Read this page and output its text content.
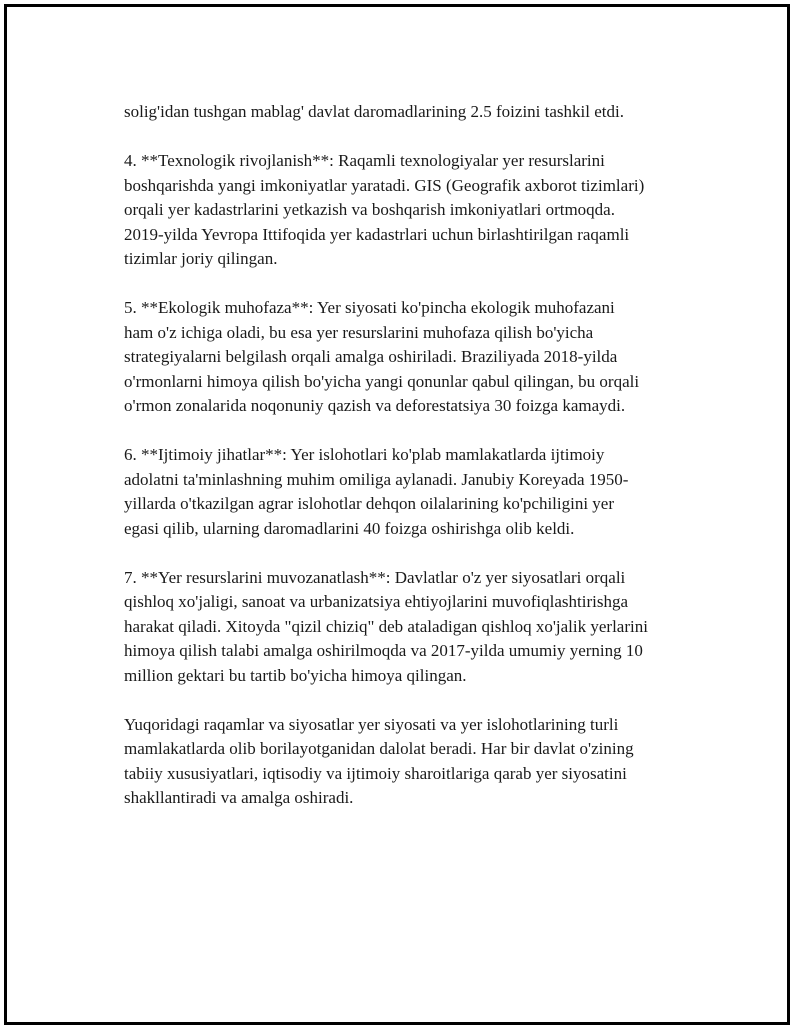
solig'idan tushgan mablag' davlat daromadlarining 2.5 foizini tashkil etdi.

4. **Texnologik rivojlanish**: Raqamli texnologiyalar yer resurslarini
boshqarishda yangi imkoniyatlar yaratadi. GIS (Geografik axborot tizimlari)
orqali yer kadastrlarini yetkazish va boshqarish imkoniyatlari ortmoqda.
2019-yilda Yevropa Ittifoqida yer kadastrlari uchun birlashtirilgan raqamli
tizimlar joriy qilingan.

5. **Ekologik muhofaza**: Yer siyosati ko'pincha ekologik muhofazani
ham o'z ichiga oladi, bu esa yer resurslarini muhofaza qilish bo'yicha
strategiyalarni belgilash orqali amalga oshiriladi. Braziliyada 2018-yilda
o'rmonlarni himoya qilish bo'yicha yangi qonunlar qabul qilingan, bu orqali
o'rmon zonalarida noqonuniy qazish va deforestatsiya 30 foizga kamaydi.

6. **Ijtimoiy jihatlar**: Yer islohotlari ko'plab mamlakatlarda ijtimoiy
adolatni ta'minlashning muhim omiliga aylanadi. Janubiy Koreyada 1950-
yillarda o'tkazilgan agrar islohotlar dehqon oilalarining ko'pchiligini yer
egasi qilib, ularning daromadlarini 40 foizga oshirishga olib keldi.

7. **Yer resurslarini muvozanatlash**: Davlatlar o'z yer siyosatlari orqali
qishloq xo'jaligi, sanoat va urbanizatsiya ehtiyojlarini muvofiqlashtirishga
harakat qiladi. Xitoyda "qizil chiziq" deb ataladigan qishloq xo'jalik yerlarini
himoya qilish talabi amalga oshirilmoqda va 2017-yilda umumiy yerning 10
million gektari bu tartib bo'yicha himoya qilingan.

Yuqoridagi raqamlar va siyosatlar yer siyosati va yer islohotlarining turli
mamlakatlarda olib borilayotganidan dalolat beradi. Har bir davlat o'zining
tabiiy xususiyatlari, iqtisodiy va ijtimoiy sharoitlariga qarab yer siyosatini
shakllantiradi va amalga oshiradi.
